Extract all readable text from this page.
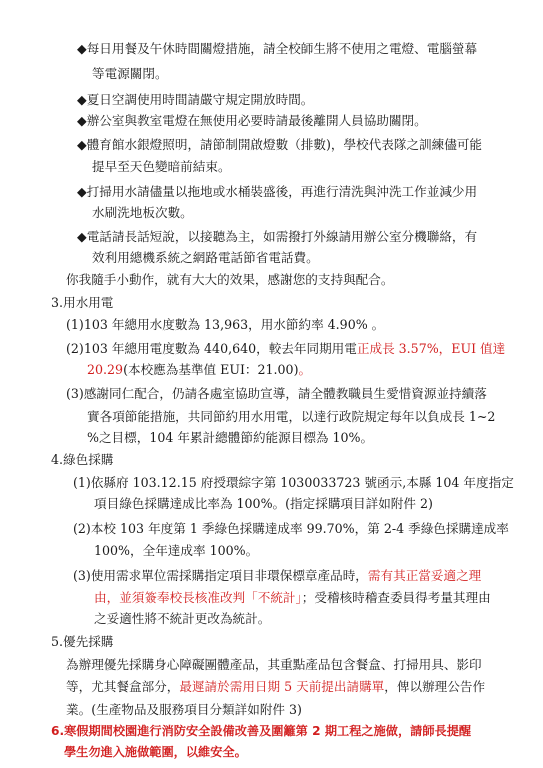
◆每日用餐及午休時間關燈措施，請全校師生將不使用之電燈、電腦螢幕
等電源關閉。
◆夏日空調使用時間請嚴守規定開放時間。
◆辦公室與教室電燈在無使用必要時請最後離開人員協助關閉。
◆體育館水銀燈照明，請節制開啟燈數（排數)，學校代表隊之訓練儘可能
提早至天色變暗前結束。
◆打掃用水請儘量以拖地或水桶裝盛後，再進行清洗與沖洗工作並減少用
水刷洗地板次數。
◆電話請長話短說，以接聽為主，如需撥打外線請用辦公室分機聯絡，有
效利用總機系統之網路電話節省電話費。
你我隨手小動作，就有大大的效果，感謝您的支持與配合。
3.用水用電
(1)103 年總用水度數為 13,963，用水節約率 4.90% 。
(2)103 年總用電度數為 440,640，較去年同期用電正成長 3.57%，EUI 值達
20.29(本校應為基準值 EUI：21.00)。
(3)感謝同仁配合，仍請各處室協助宣導，請全體教職員生愛惜資源並持續落
實各項節能措施，共同節約用水用電，以達行政院規定每年以負成長 1~2
%之目標，104 年累計總體節約能源目標為 10%。
4.綠色採購
(1)依縣府 103.12.15 府授環綜字第 1030033723 號函示,本縣 104 年度指定
項目綠色採購達成比率為 100%。(指定採購項目詳如附件 2)
(2)本校 103 年度第 1 季綠色採購達成率 99.70%，第 2-4 季綠色採購達成率
100%，全年達成率 100%。
(3)使用需求單位需採購指定項目非環保標章產品時，需有其正當妥適之理
由，並須簽奉校長核准改判「不統計」；受稽核時稽查委員得考量其理由
之妥適性將不統計更改為統計。
5.優先採購
為辦理優先採購身心障礙團體產品，其重點產品包含餐盒、打掃用具、影印
等，尤其餐盒部分，最遲請於需用日期 5 天前提出請購單，俾以辦理公告作
業。(生產物品及服務項目分類詳如附件 3)
6.寒假期間校園進行消防安全設備改善及圍籬第 2 期工程之施做，請師長提醒
學生勿進入施做範圍，以維安全。
